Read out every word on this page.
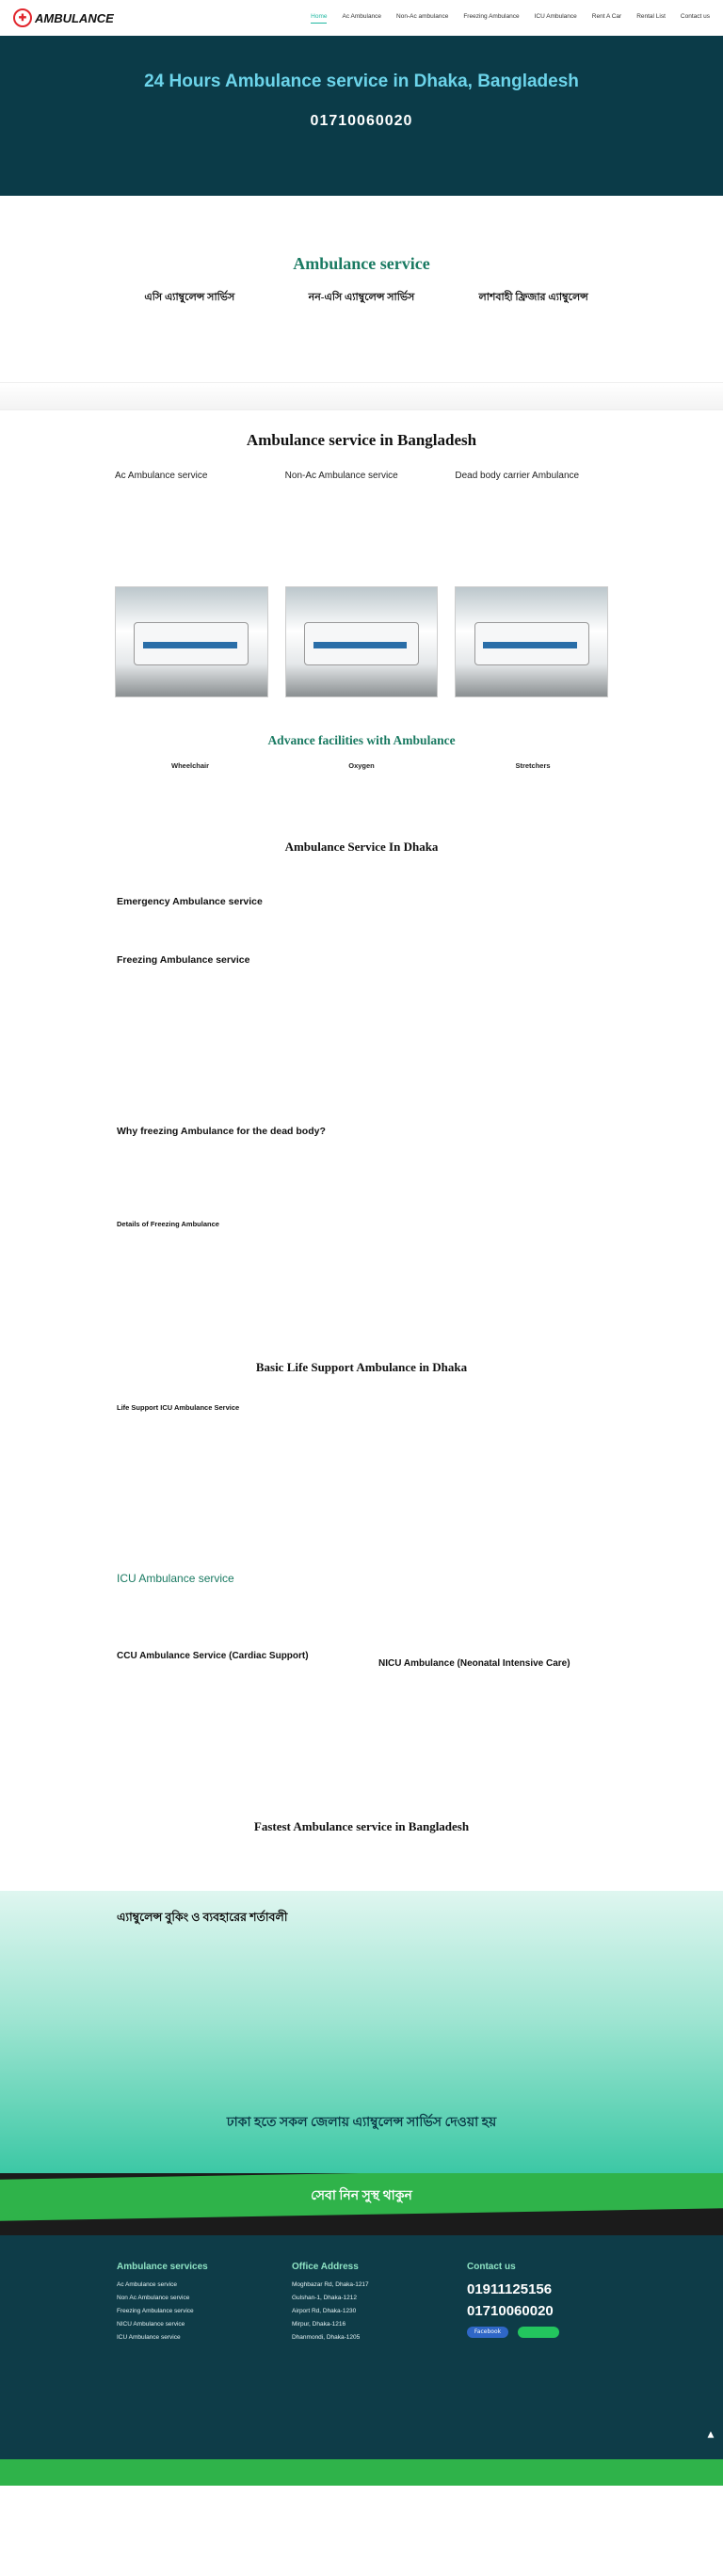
✚ AMBULANCE	Home Ac Ambulance Non-Ac ambulance Freezing Ambulance ICU Ambulance Rent A Car Rental List Contact us
24 Hours Ambulance service in Dhaka, Bangladesh

01710060020
Ambulance service
এসি এ্যাম্বুলেন্স সার্ভিস	নন-এসি এ্যাম্বুলেন্স সার্ভিস	লাশবাহী ফ্রিজার এ্যাম্বুলেন্স
Ambulance service in Bangladesh
Ac Ambulance service	Non-Ac Ambulance service	Dead body carrier Ambulance
Advance facilities with Ambulance
Wheelchair	Oxygen	Stretchers
Ambulance Service In Dhaka
Emergency Ambulance service
Freezing Ambulance service
Why freezing Ambulance for the dead body?
Details of Freezing Ambulance
Basic Life Support Ambulance in Dhaka
Life Support ICU Ambulance Service
ICU Ambulance service
CCU Ambulance Service (Cardiac Support)
NICU Ambulance (Neonatal Intensive Care)
Fastest Ambulance service in Bangladesh
এ্যাম্বুলেন্স বুকিং ও ব্যবহারের শর্তাবলী
ঢাকা হতে সকল জেলায় এ্যাম্বুলেন্স সার্ভিস দেওয়া হয়
সেবা নিন সুস্থ থাকুন
Ambulance services
Ac Ambulance service
Non Ac Ambulance service
Freezing Ambulance service
NICU Ambulance service
ICU Ambulance service
Office Address
Moghbazar Rd, Dhaka-1217
Gulshan-1, Dhaka-1212
Airport Rd, Dhaka-1230
Mirpur, Dhaka-1216
Dhanmondi, Dhaka-1205
Contact us
01911125156
01710060020
Facebook
▲
